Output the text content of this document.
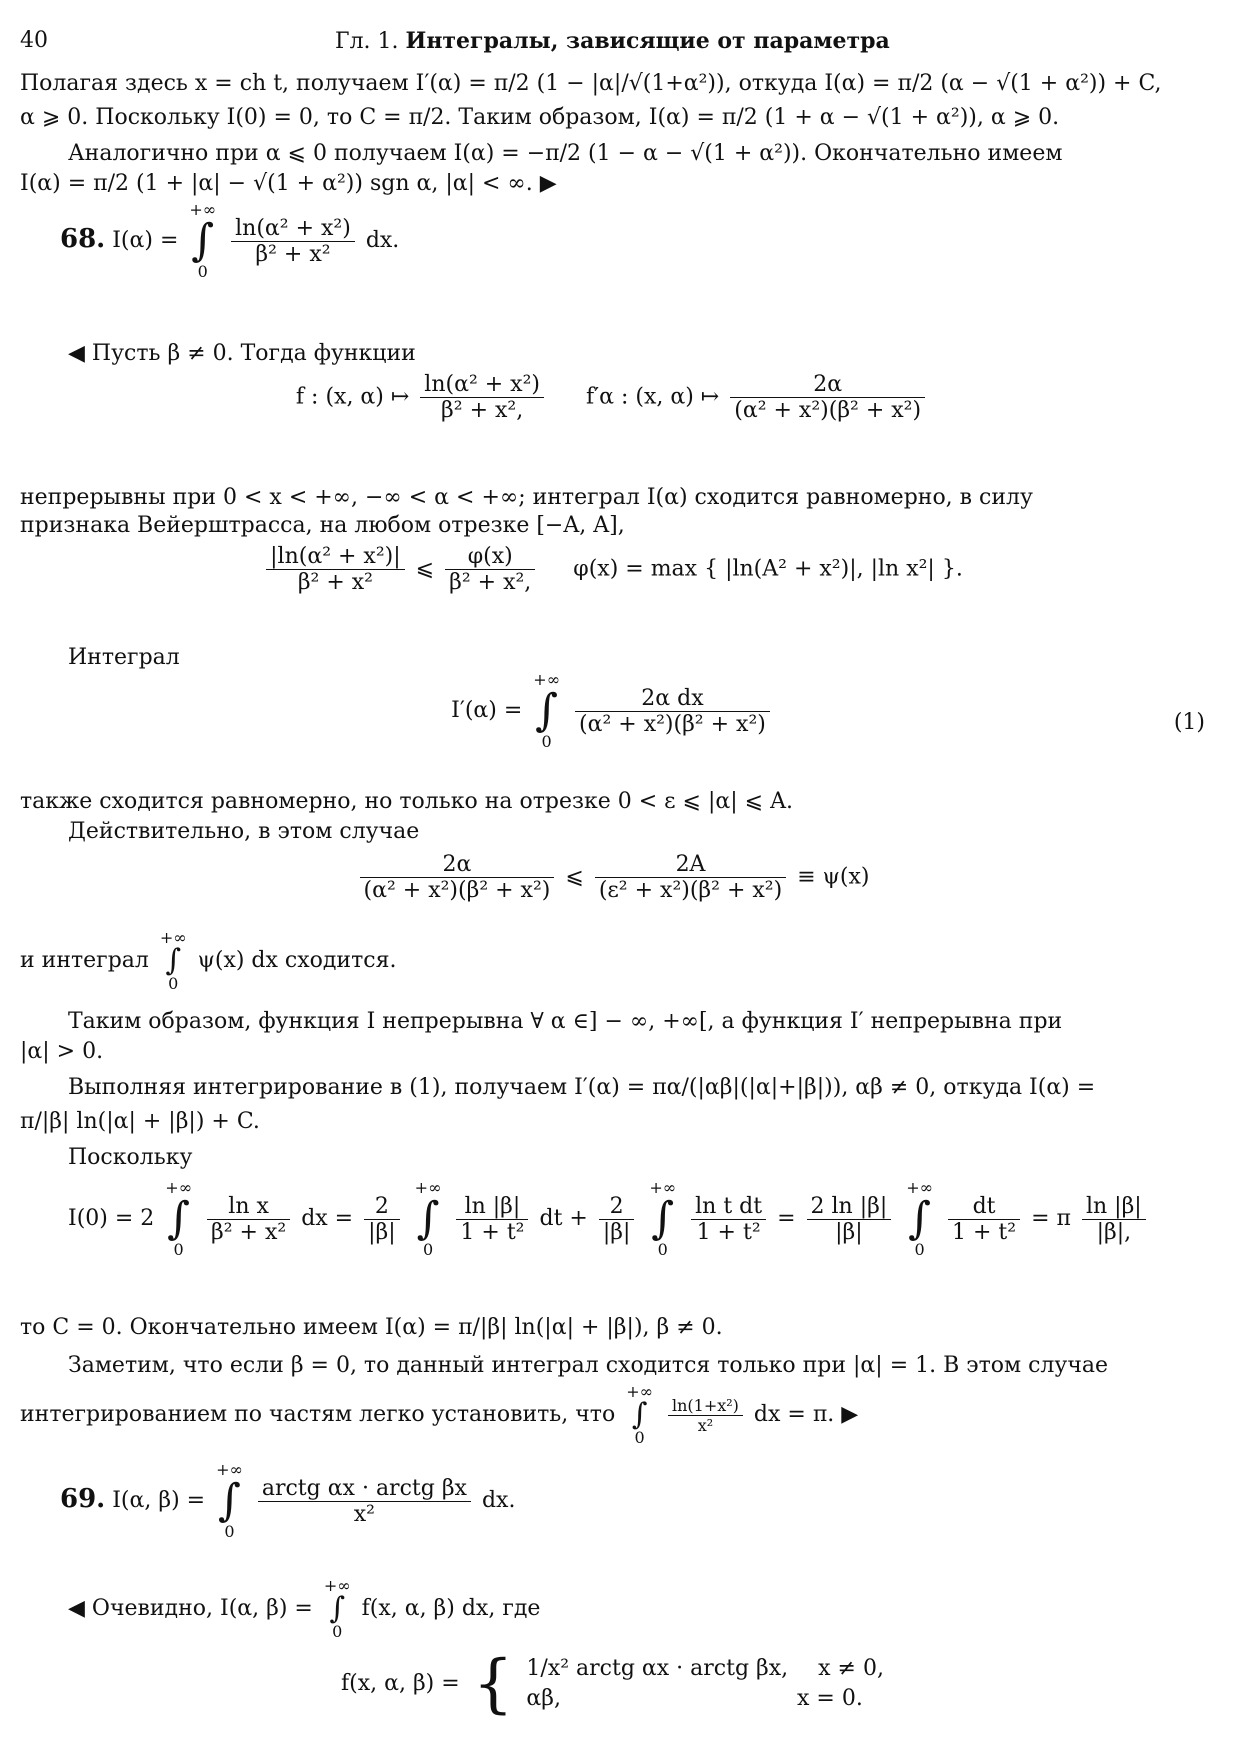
40	Гл. 1. Интегралы, зависящие от параметра
Полагая здесь x = ch t, получаем I′(α) = π/2 (1 − |α|/√(1+α²)), откуда I(α) = π/2 (α − √(1 + α²)) + C,
α ⩾ 0. Поскольку I(0) = 0, то C = π/2. Таким образом, I(α) = π/2 (1 + α − √(1 + α²)), α ⩾ 0.
Аналогично при α ⩽ 0 получаем I(α) = −π/2 (1 − α − √(1 + α²)). Окончательно имеем
I(α) = π/2 (1 + |α| − √(1 + α²)) sgn α, |α| < ∞. ▶
68. I(α) =
+∞
∫
0

$\frac{\text{ln(α² + x²)}}{\text{β² + x²}}$ dx.
◀ Пусть β ≠ 0. Тогда функции
f : (x, α) ↦ $\frac{\text{ln(α² + x²)}}{\text{β² + x²,}} f'\alpha$ : (x, α) ↦ $\frac{2\alpha}{\text{(α² + x²)(β² + x²)}}$
непрерывны при 0 < x < +∞, −∞ < α < +∞; интеграл I(α) сходится равномерно, в силу
признака Вейерштрасса, на любом отрезке [−A, A],
$\frac{\text{|ln(α² + x²)|}}{\text{β² + x²}}$ ⩽ $\frac{\varphi(x)}{\text{β² + x²,}} \varphi(x) = \max$ { |ln(A² + x²)|, |ln x²| }.
Интеграл
I′(α) =
+∞
∫
0

$\frac{\text{2α dx}}{\text{(α² + x²)(β² + x²)}}$	(1)
также сходится равномерно, но только на отрезке 0 < ε ⩽ |α| ⩽ A.
Действительно, в этом случае
$\frac{2\alpha}{\text{(α² + x²)(β² + x²)}}$ ⩽ $\frac{2A}{\text{(ε² + x²)(β² + x²)}} \equiv \psi(x)$
и интеграл
+∞
∫
0
ψ(x) dx сходится.
Таким образом, функция I непрерывна ∀ α ∈] − ∞, +∞[, а функция I′ непрерывна при
|α| > 0.
Выполняя интегрирование в (1), получаем I′(α) = πα/(|αβ|(|α|+|β|)), αβ ≠ 0, откуда I(α) =
π/|β| ln(|α| + |β|) + C.
Поскольку
I(0) = 2
+∞
∫
0

$\frac{\text{ln x}}{\text{β² + x²}}$ dx = $\frac{2}{|\beta|}$

+∞
∫
0

$\frac{\ln |\beta|}{\text{1 + t²}}$ dt + $\frac{2}{|\beta|}$

+∞
∫
0

$\frac{\text{ln t dt}}{\text{1 + t²}} = \frac{2 \ln |\beta|}{|\beta|}$

+∞
∫
0

$\frac{dt}{\text{1 + t²}} = \pi \frac{\ln |\beta|}{|\beta|,}$
то C = 0. Окончательно имеем I(α) = π/|β| ln(|α| + |β|), β ≠ 0.
Заметим, что если β = 0, то данный интеграл сходится только при |α| = 1. В этом случае
интегрированием по частям легко установить, что
+∞
∫
0

$\frac{\text{ln(1+x²)}}{\text{x²}}$ dx = π. ▶
69. I(α, β) =
+∞
∫
0

$\frac{\text{arctg αx · arctg βx}}{\text{x²}}$ dx.
◀ Очевидно, I(α, β) =
+∞
∫
0
f(x, α, β) dx, где
f(x, α, β) = { 1/x² arctg αx · arctg βx, x ≠ 0,
αβ,	x = 0.
